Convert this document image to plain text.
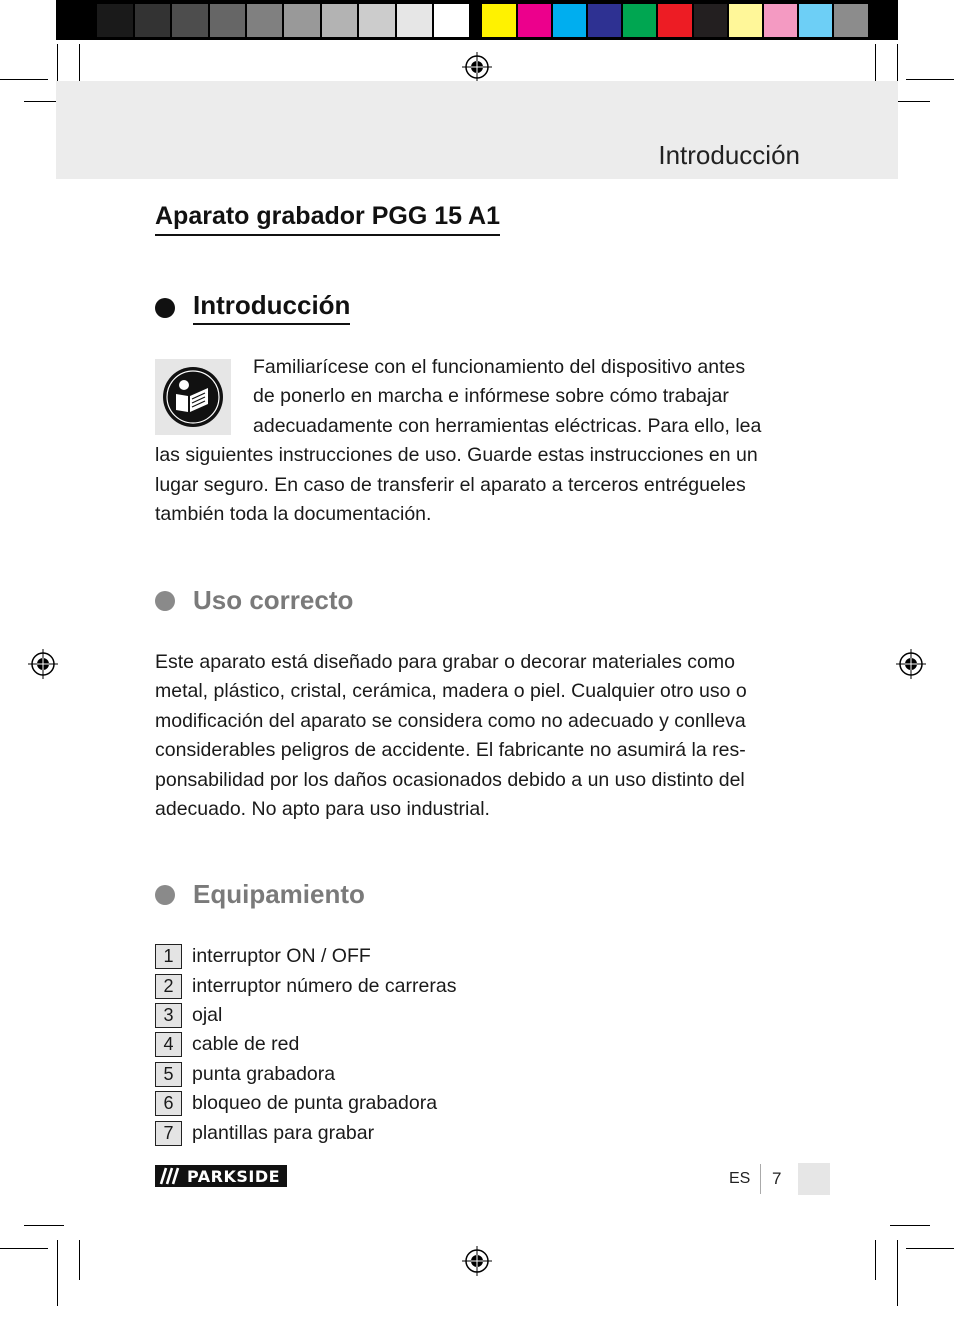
Introducción
Aparato grabador PGG 15 A1
Introducción
Familiarícese con el funcionamiento del dispositivo antes
de ponerlo en marcha e infórmese sobre cómo trabajar
adecuadamente con herramientas eléctricas. Para ello, lea
las siguientes instrucciones de uso. Guarde estas instrucciones en un
lugar seguro. En caso de transferir el aparato a terceros entrégueles
también toda la documentación.
Uso correcto
Este aparato está diseñado para grabar o decorar materiales como
metal, plástico, cristal, cerámica, madera o piel. Cualquier otro uso o
modificación del aparato se considera como no adecuado y conlleva
considerables peligros de accidente. El fabricante no asumirá la res-
ponsabilidad por los daños ocasionados debido a un uso distinto del
adecuado. No apto para uso industrial.
Equipamiento
1 interruptor ON / OFF
2 interruptor número de carreras
3 ojal
4 cable de red
5 punta grabadora
6 bloqueo de punta grabadora
7 plantillas para grabar
PARKSIDE	ES 7
